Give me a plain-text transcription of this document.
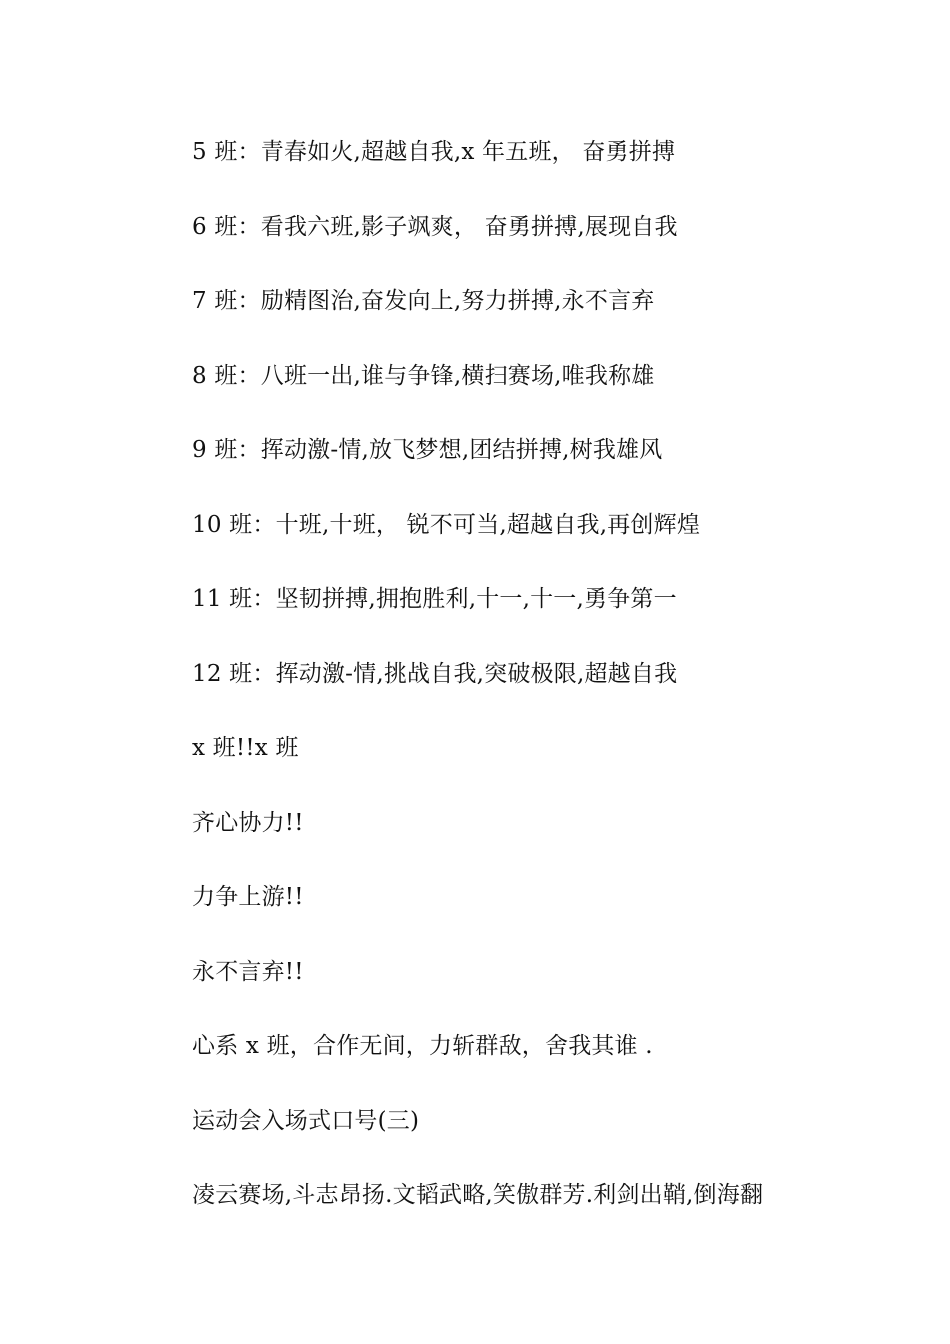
5 班：青春如火,超越自我,x 年五班， 奋勇拼搏
6 班：看我六班,影子飒爽， 奋勇拼搏,展现自我
7 班：励精图治,奋发向上,努力拼搏,永不言弃
8 班：八班一出,谁与争锋,横扫赛场,唯我称雄
9 班：挥动激-情,放飞梦想,团结拼搏,树我雄风
10 班：十班,十班， 锐不可当,超越自我,再创辉煌
11 班：坚韧拼搏,拥抱胜利,十一,十一,勇争第一
12 班：挥动激-情,挑战自我,突破极限,超越自我
x 班!!x 班
齐心协力!!
力争上游!!
永不言弃!!
心系 x 班，合作无间，力斩群敌，舍我其谁 .
运动会入场式口号(三)
凌云赛场,斗志昂扬.文韬武略,笑傲群芳.利剑出鞘,倒海翻
